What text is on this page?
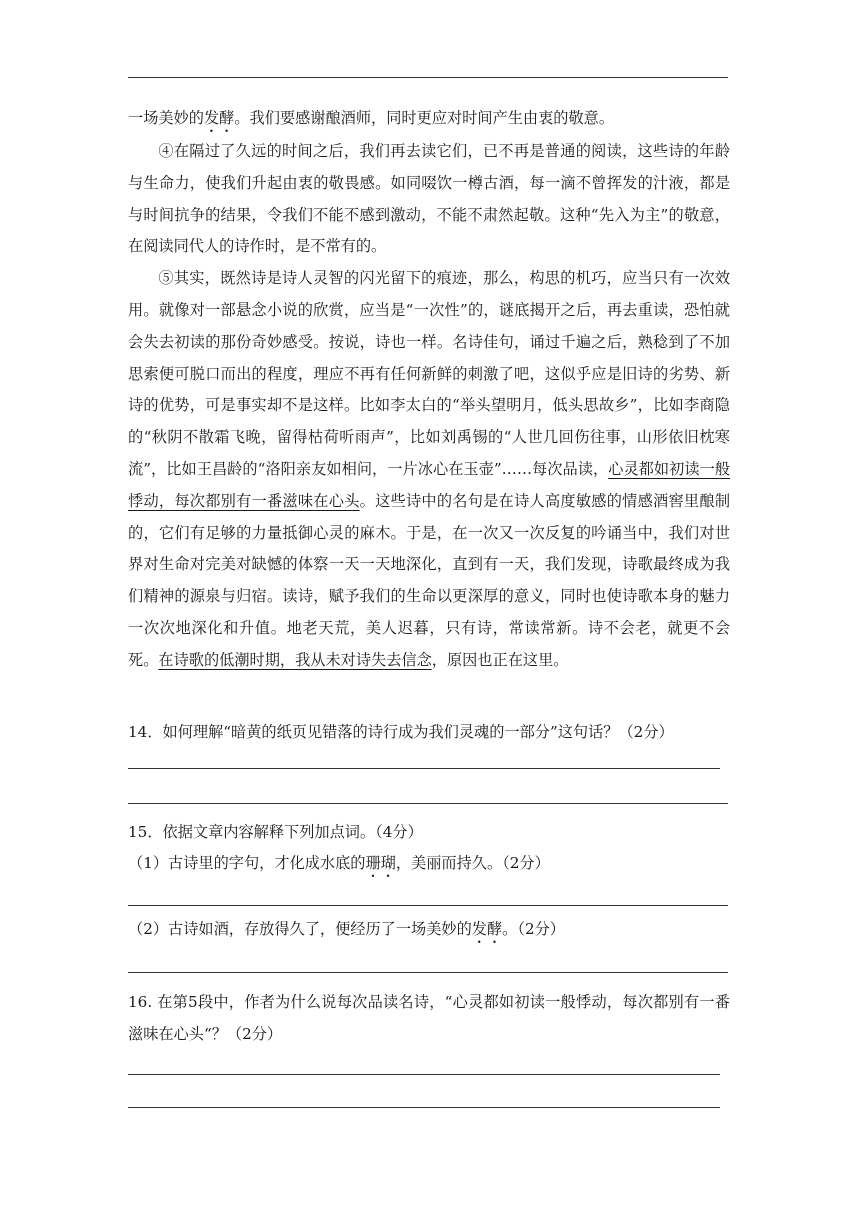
一场美妙的发酵。我们要感谢酿酒师，同时更应对时间产生由衷的敬意。

④在隔过了久远的时间之后，我们再去读它们，已不再是普通的阅读，这些诗的年龄与生命力，使我们升起由衷的敬畏感。如同啜饮一樽古酒，每一滴不曾挥发的汁液，都是与时间抗争的结果，令我们不能不感到激动，不能不肃然起敬。这种“先入为主”的敬意，在阅读同代人的诗作时，是不常有的。

⑤其实，既然诗是诗人灵智的闪光留下的痕迹，那么，构思的机巧，应当只有一次效用。就像对一部悬念小说的欣赏，应当是“一次性”的，谜底揭开之后，再去重读，恐怕就会失去初读的那份奇妙感受。按说，诗也一样。名诗佳句，诵过千遍之后，熟稔到了不加思索便可脱口而出的程度，理应不再有任何新鲜的刺激了吧，这似乎应是旧诗的劣势、新诗的优势，可是事实却不是这样。比如李太白的“举头望明月，低头思故乡”，比如李商隐的“秋阴不散霜飞晚，留得枯荷听雨声”，比如刘禹锡的“人世几回伤往事，山形依旧枕寒流”，比如王昌龄的“洛阳亲友如相问，一片冰心在玉壶”……每次品读，心灵都如初读一般悸动，每次都别有一番滋味在心头。这些诗中的名句是在诗人高度敏感的情感酒窖里酿制的，它们有足够的力量抵御心灵的麻木。于是，在一次又一次反复的吟诵当中，我们对世界对生命对完美对缺憾的体察一天一天地深化，直到有一天，我们发现，诗歌最终成为我们精神的源泉与归宿。读诗，赋予我们的生命以更深厚的意义，同时也使诗歌本身的魅力一次次地深化和升值。地老天荒，美人迟暮，只有诗，常读常新。诗不会老，就更不会死。在诗歌的低潮时期，我从未对诗失去信念，原因也正在这里。

14．如何理解“暗黄的纸页见错落的诗行成为我们灵魂的一部分”这句话？（2分）
15．依据文章内容解释下列加点词。（4分）
（1）古诗里的字句，才化成水底的珊瑚，美丽而持久。（2分）
（2）古诗如酒，存放得久了，便经历了一场美妙的发酵。（2分）
16. 在第5段中，作者为什么说每次品读名诗，“心灵都如初读一般悸动，每次都别有一番滋味在心头“？（2分）
